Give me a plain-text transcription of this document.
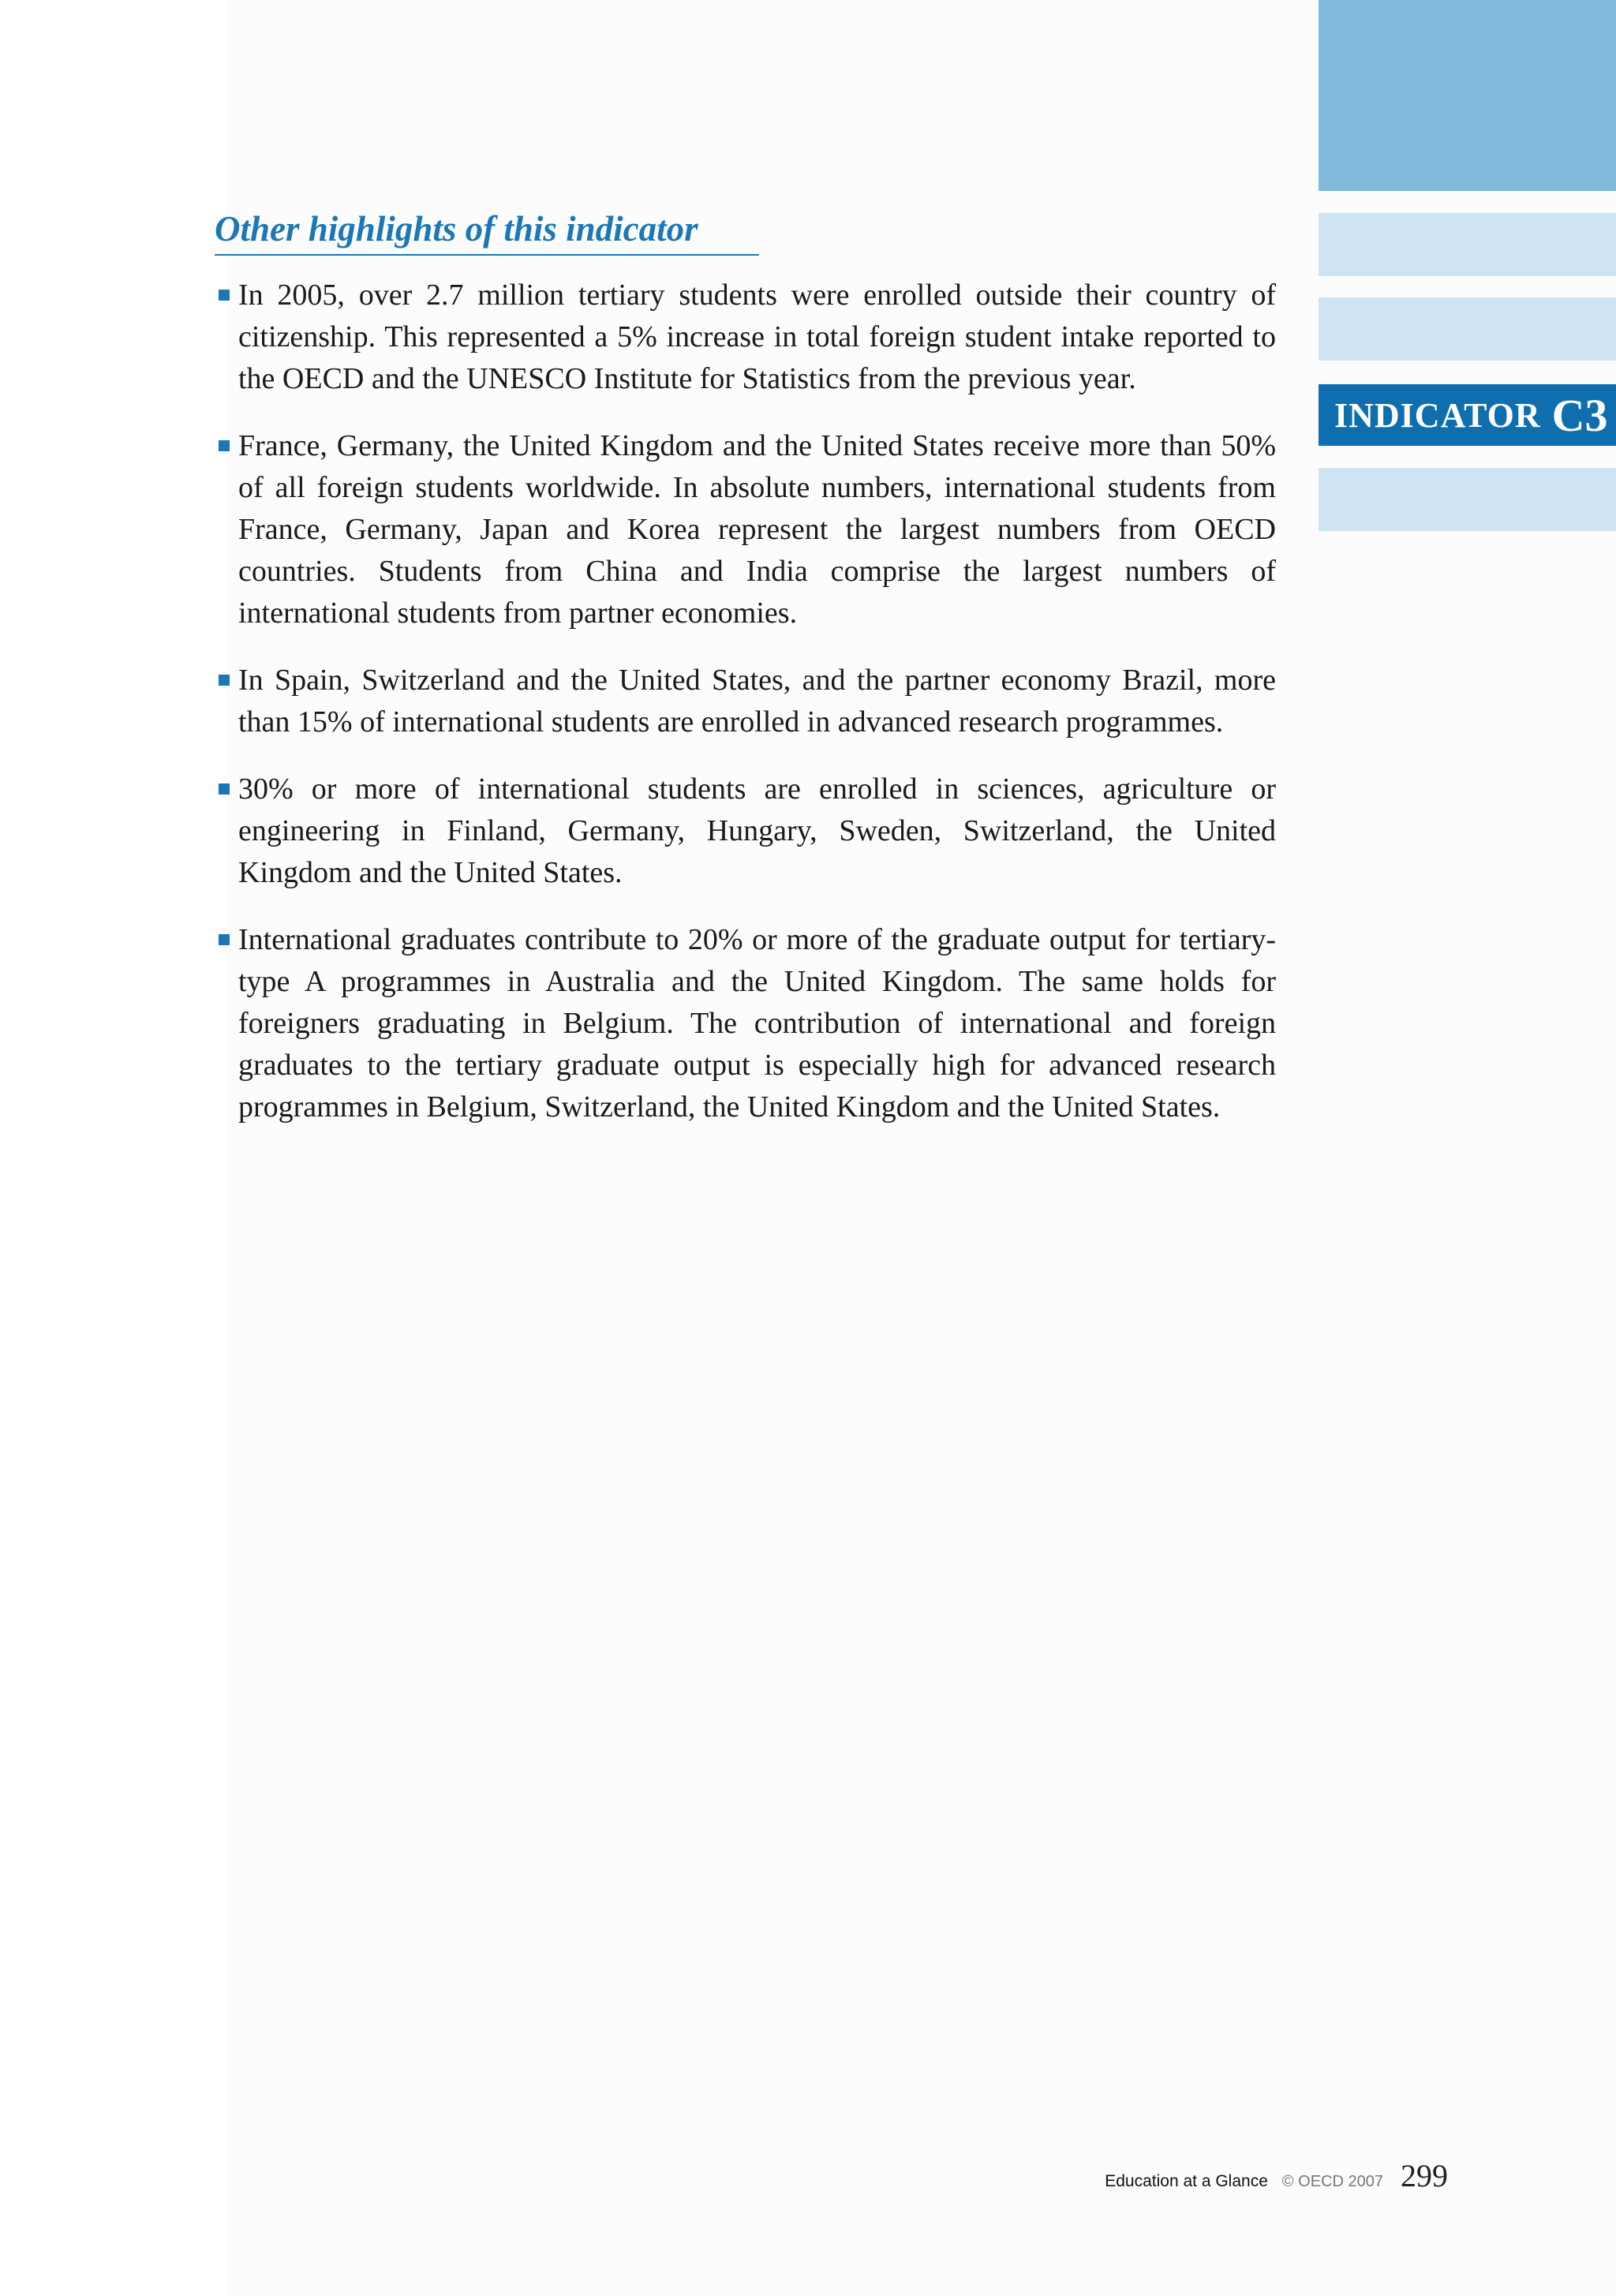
INDICATOR C3
Other highlights of this indicator
In 2005, over 2.7 million tertiary students were enrolled outside their country of citizenship. This represented a 5% increase in total foreign student intake reported to the OECD and the UNESCO Institute for Statistics from the previous year.
France, Germany, the United Kingdom and the United States receive more than 50% of all foreign students worldwide. In absolute numbers, international students from France, Germany, Japan and Korea represent the largest numbers from OECD countries. Students from China and India comprise the largest numbers of international students from partner economies.
In Spain, Switzerland and the United States, and the partner economy Brazil, more than 15% of international students are enrolled in advanced research programmes.
30% or more of international students are enrolled in sciences, agriculture or engineering in Finland, Germany, Hungary, Sweden, Switzerland, the United Kingdom and the United States.
International graduates contribute to 20% or more of the graduate output for tertiary-type A programmes in Australia and the United Kingdom. The same holds for foreigners graduating in Belgium. The contribution of international and foreign graduates to the tertiary graduate output is especially high for advanced research programmes in Belgium, Switzerland, the United Kingdom and the United States.
Education at a Glance © OECD 2007 299
